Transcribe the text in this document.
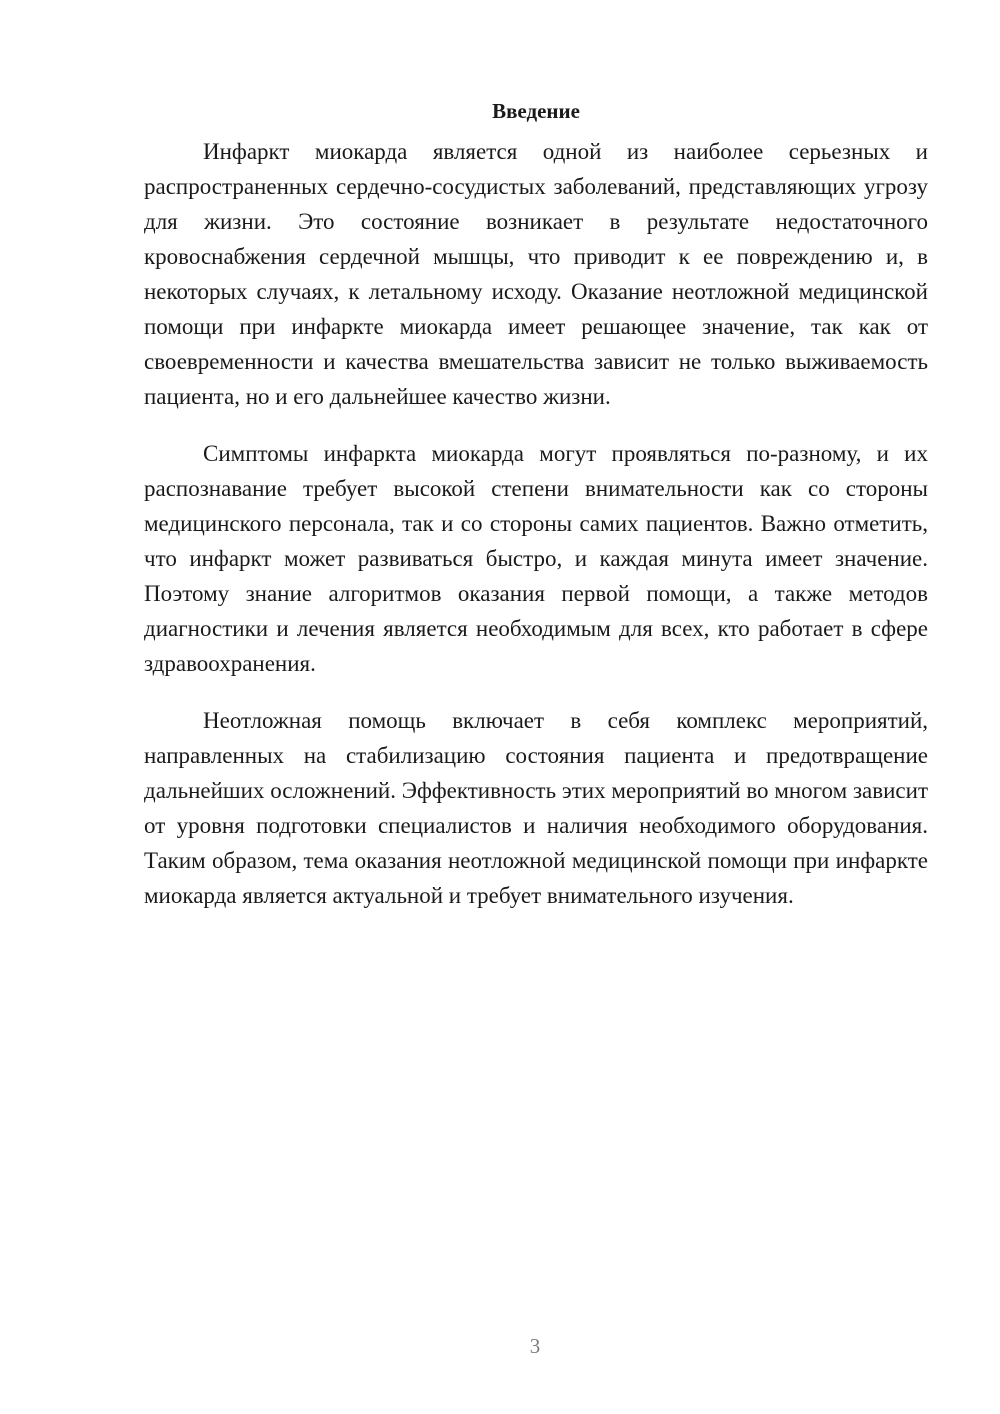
Введение

Инфаркт миокарда является одной из наиболее серьезных и распространенных сердечно-сосудистых заболеваний, представляющих угрозу для жизни. Это состояние возникает в результате недостаточного кровоснабжения сердечной мышцы, что приводит к ее повреждению и, в некоторых случаях, к летальному исходу. Оказание неотложной медицинской помощи при инфаркте миокарда имеет решающее значение, так как от своевременности и качества вмешательства зависит не только выживаемость пациента, но и его дальнейшее качество жизни.

Симптомы инфаркта миокарда могут проявляться по-разному, и их распознавание требует высокой степени внимательности как со стороны медицинского персонала, так и со стороны самих пациентов. Важно отметить, что инфаркт может развиваться быстро, и каждая минута имеет значение. Поэтому знание алгоритмов оказания первой помощи, а также методов диагностики и лечения является необходимым для всех, кто работает в сфере здравоохранения.

Неотложная помощь включает в себя комплекс мероприятий, направленных на стабилизацию состояния пациента и предотвращение дальнейших осложнений. Эффективность этих мероприятий во многом зависит от уровня подготовки специалистов и наличия необходимого оборудования. Таким образом, тема оказания неотложной медицинской помощи при инфаркте миокарда является актуальной и требует внимательного изучения.

3
